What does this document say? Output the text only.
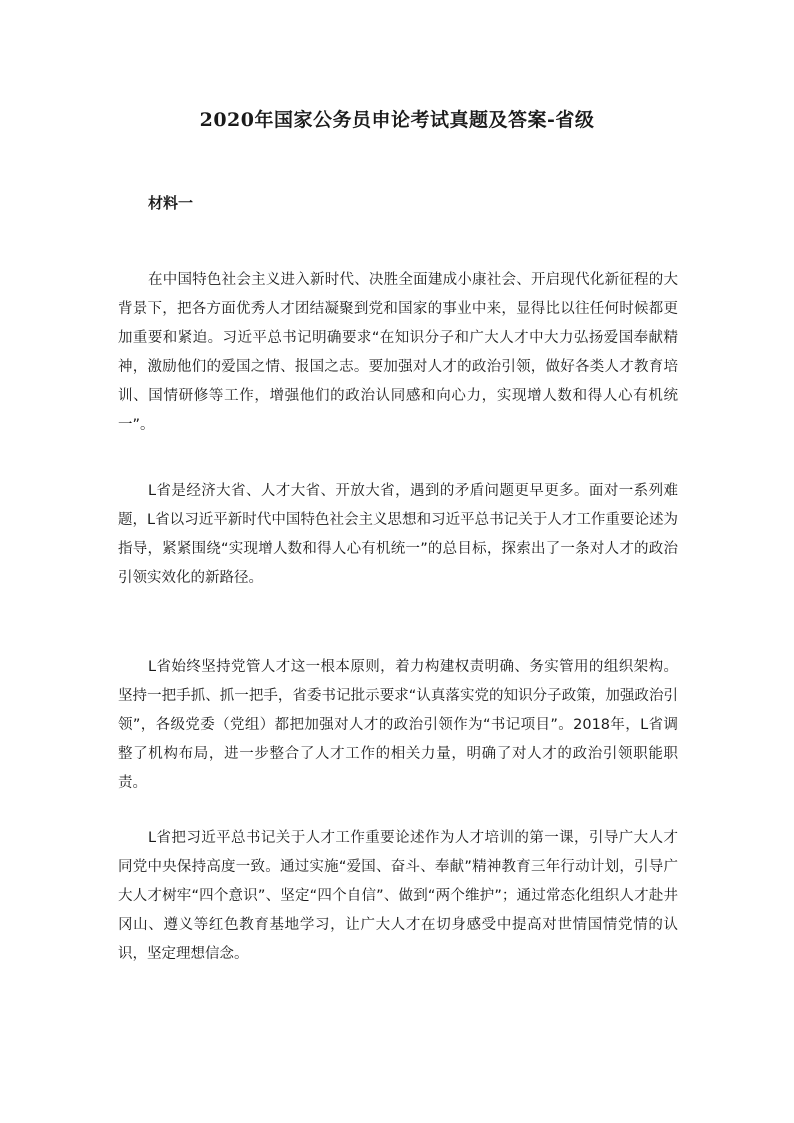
2020年国家公务员申论考试真题及答案-省级
材料一

在中国特色社会主义进入新时代、决胜全面建成小康社会、开启现代化新征程的大背景下，把各方面优秀人才团结凝聚到党和国家的事业中来，显得比以往任何时候都更加重要和紧迫。习近平总书记明确要求“在知识分子和广大人才中大力弘扬爱国奉献精神，激励他们的爱国之情、报国之志。要加强对人才的政治引领，做好各类人才教育培训、国情研修等工作，增强他们的政治认同感和向心力，实现增人数和得人心有机统一”。

L省是经济大省、人才大省、开放大省，遇到的矛盾问题更早更多。面对一系列难题，L省以习近平新时代中国特色社会主义思想和习近平总书记关于人才工作重要论述为指导，紧紧围绕“实现增人数和得人心有机统一”的总目标，探索出了一条对人才的政治引领实效化的新路径。

L省始终坚持党管人才这一根本原则，着力构建权责明确、务实管用的组织架构。坚持一把手抓、抓一把手，省委书记批示要求“认真落实党的知识分子政策，加强政治引领”，各级党委（党组）都把加强对人才的政治引领作为“书记项目”。2018年，L省调整了机构布局，进一步整合了人才工作的相关力量，明确了对人才的政治引领职能职责。

L省把习近平总书记关于人才工作重要论述作为人才培训的第一课，引导广大人才同党中央保持高度一致。通过实施“爱国、奋斗、奉献”精神教育三年行动计划，引导广大人才树牢“四个意识”、坚定“四个自信”、做到“两个维护”；通过常态化组织人才赴井冈山、遵义等红色教育基地学习，让广大人才在切身感受中提高对世情国情党情的认识，坚定理想信念。
